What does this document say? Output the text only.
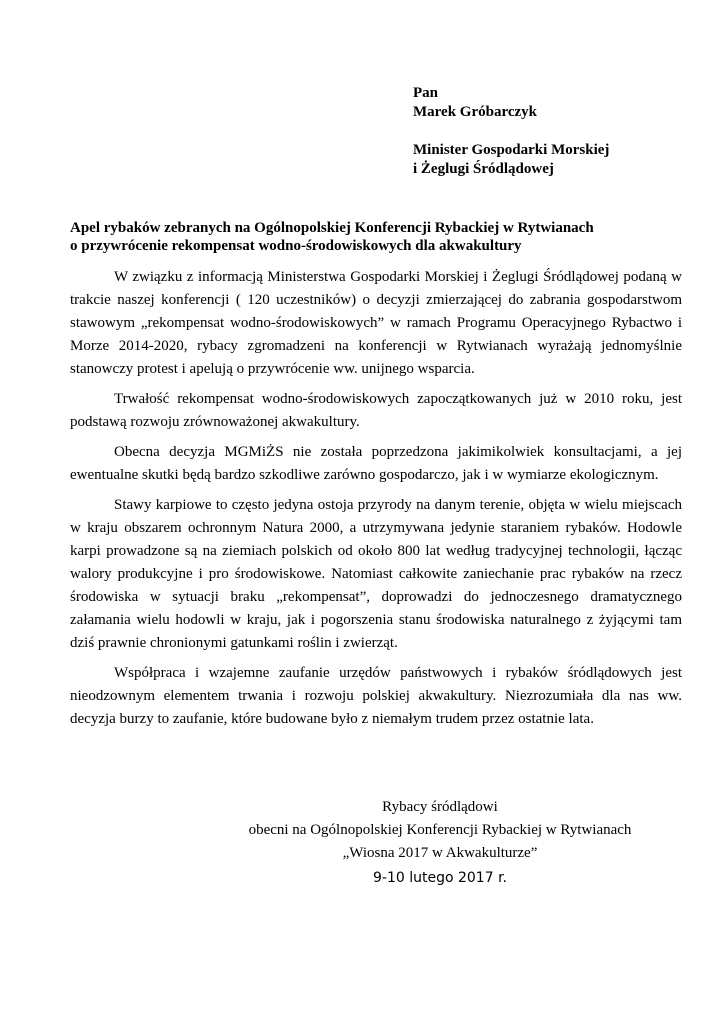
Pan
Marek Gróbarczyk
Minister Gospodarki Morskiej
i Żeglugi Śródlądowej
Apel rybaków zebranych na Ogólnopolskiej Konferencji Rybackiej w Rytwianach
o przywrócenie rekompensat wodno-środowiskowych dla akwakultury

W związku z informacją Ministerstwa Gospodarki Morskiej i Żeglugi Śródlądowej podaną w trakcie naszej konferencji ( 120 uczestników) o decyzji zmierzającej do zabrania gospodarstwom stawowym „rekompensat wodno-środowiskowych” w ramach Programu Operacyjnego Rybactwo i Morze 2014-2020, rybacy zgromadzeni na konferencji w Rytwianach wyrażają jednomyślnie stanowczy protest i apelują o przywrócenie ww. unijnego wsparcia.

Trwałość rekompensat wodno-środowiskowych zapoczątkowanych już w 2010 roku, jest podstawą rozwoju zrównoważonej akwakultury.

Obecna decyzja MGMiŻS nie została poprzedzona jakimikolwiek konsultacjami, a jej ewentualne skutki będą bardzo szkodliwe zarówno gospodarczo, jak i w wymiarze ekologicznym.

Stawy karpiowe to często jedyna ostoja przyrody na danym terenie, objęta w wielu miejscach w kraju obszarem ochronnym Natura 2000, a utrzymywana jedynie staraniem rybaków. Hodowle karpi prowadzone są na ziemiach polskich od około 800 lat według tradycyjnej technologii, łącząc walory produkcyjne i pro środowiskowe. Natomiast całkowite zaniechanie prac rybaków na rzecz środowiska w sytuacji braku „rekompensat”, doprowadzi do jednoczesnego dramatycznego załamania wielu hodowli w kraju, jak i pogorszenia stanu środowiska naturalnego z żyjącymi tam dziś prawnie chronionymi gatunkami roślin i zwierząt.

Współpraca i wzajemne zaufanie urzędów państwowych i rybaków śródlądowych jest nieodzownym elementem trwania i rozwoju polskiej akwakultury. Niezrozumiała dla nas ww. decyzja burzy to zaufanie, które budowane było z niemałym trudem przez ostatnie lata.

Rybacy śródlądowi
obecni na Ogólnopolskiej Konferencji Rybackiej w Rytwianach
„Wiosna 2017 w Akwakulturze”
9-10 lutego 2017 r.
